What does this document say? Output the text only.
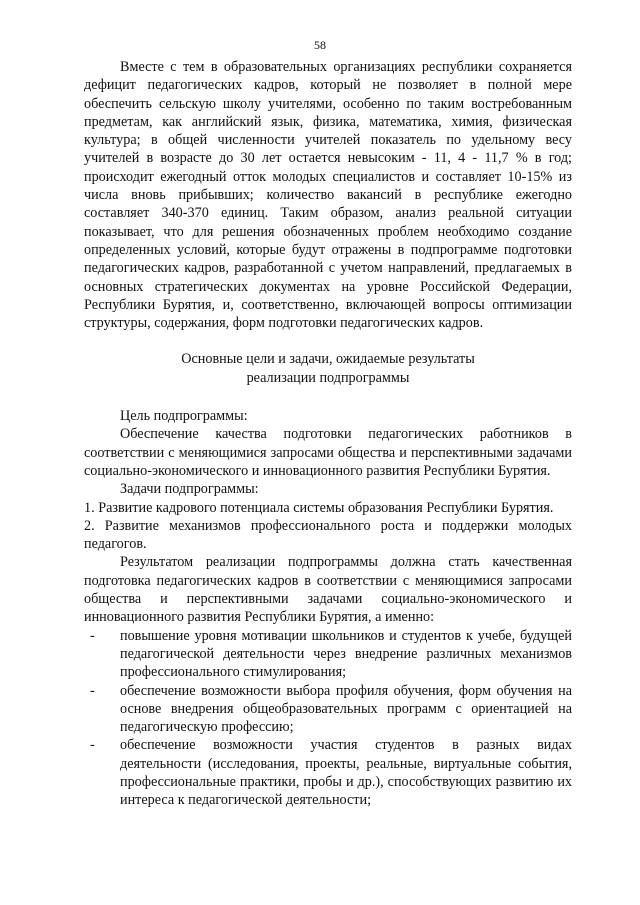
58

Вместе с тем в образовательных организациях республики сохраняется дефицит педагогических кадров, который не позволяет в полной мере обеспечить сельскую школу учителями, особенно по таким востребованным предметам, как английский язык, физика, математика, химия, физическая культура; в общей численности учителей показатель по удельному весу учителей в возрасте до 30 лет остается невысоким - 11, 4 - 11,7 % в год; происходит ежегодный отток молодых специалистов и составляет 10-15% из числа вновь прибывших; количество вакансий в республике ежегодно составляет 340-370 единиц. Таким образом, анализ реальной ситуации показывает, что для решения обозначенных проблем необходимо создание определенных условий, которые будут отражены в подпрограмме подготовки педагогических кадров, разработанной с учетом направлений, предлагаемых в основных стратегических документах на уровне Российской Федерации, Республики Бурятия, и, соответственно, включающей вопросы оптимизации структуры, содержания, форм подготовки педагогических кадров.

Основные цели и задачи, ожидаемые результаты
реализации подпрограммы

Цель подпрограммы:

Обеспечение качества подготовки педагогических работников в соответствии с меняющимися запросами общества и перспективными задачами социально-экономического и инновационного развития Республики Бурятия.

Задачи подпрограммы:

1. Развитие кадрового потенциала системы образования Республики Бурятия.

2. Развитие механизмов профессионального роста и поддержки молодых педагогов.

Результатом реализации подпрограммы должна стать качественная подготовка педагогических кадров в соответствии с меняющимися запросами общества и перспективными задачами социально-экономического и инновационного развития Республики Бурятия, а именно:

- повышение уровня мотивации школьников и студентов к учебе, будущей педагогической деятельности через внедрение различных механизмов профессионального стимулирования;
- обеспечение возможности выбора профиля обучения, форм обучения на основе внедрения общеобразовательных программ с ориентацией на педагогическую профессию;
- обеспечение возможности участия студентов в разных видах деятельности (исследования, проекты, реальные, виртуальные события, профессиональные практики, пробы и др.), способствующих развитию их интереса к педагогической деятельности;
